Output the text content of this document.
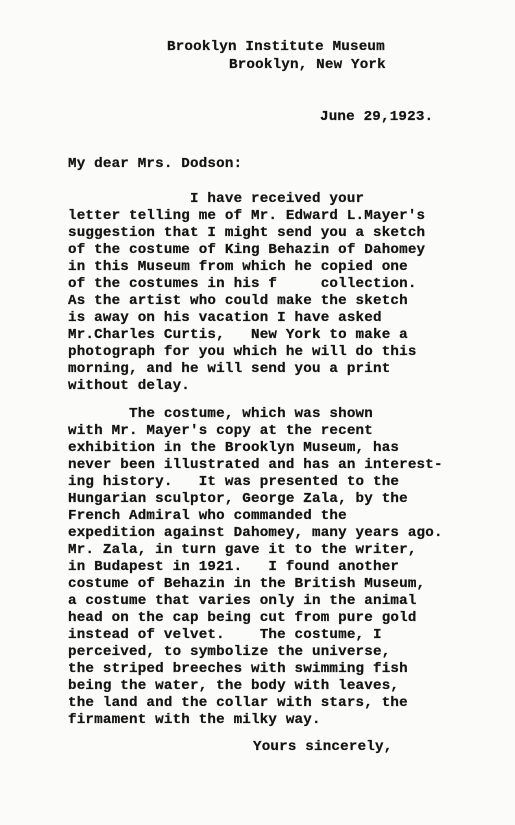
Brooklyn Institute Museum
Brooklyn, New York
June 29,1923.
My dear Mrs. Dodson:
I have received your
letter telling me of Mr. Edward L.Mayer's
suggestion that I might send you a sketch
of the costume of King Behazin of Dahomey
in this Museum from which he copied one
of the costumes in his f     collection.
As the artist who could make the sketch
is away on his vacation I have asked
Mr.Charles Curtis,   New York to make a
photograph for you which he will do this
morning, and he will send you a print
without delay.
The costume, which was shown
with Mr. Mayer's copy at the recent
exhibition in the Brooklyn Museum, has
never been illustrated and has an interest-
ing history.   It was presented to the
Hungarian sculptor, George Zala, by the
French Admiral who commanded the
expedition against Dahomey, many years ago.
Mr. Zala, in turn gave it to the writer,
in Budapest in 1921.   I found another
costume of Behazin in the British Museum,
a costume that varies only in the animal
head on the cap being cut from pure gold
instead of velvet.    The costume, I
perceived, to symbolize the universe,
the striped breeches with swimming fish
being the water, the body with leaves,
the land and the collar with stars, the
firmament with the milky way.
Yours sincerely,
